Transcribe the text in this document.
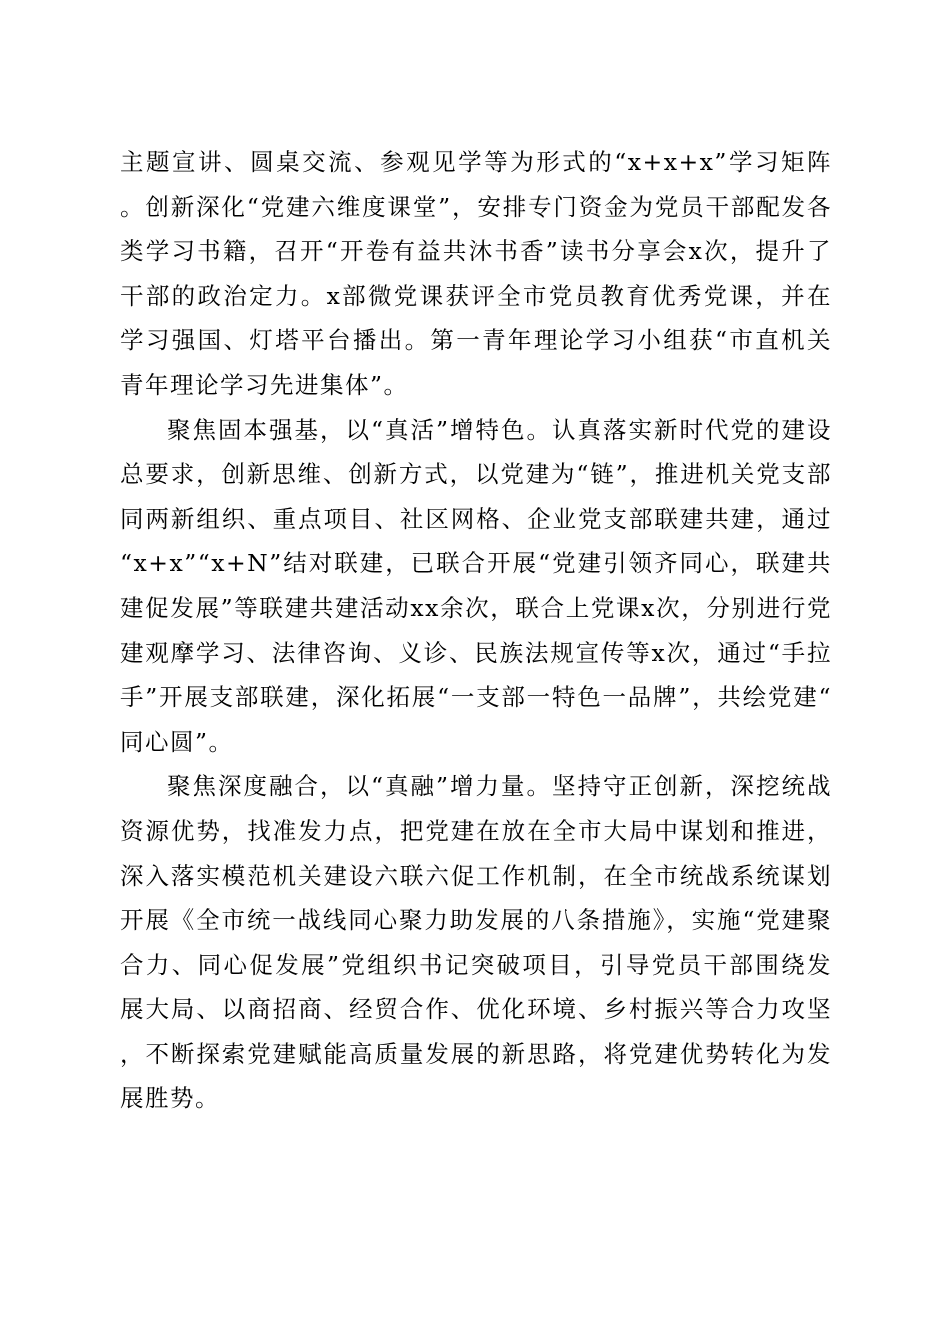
主题宣讲、圆桌交流、参观见学等为形式的“x+x+x”学习矩阵。创新深化“党建六维度课堂”，安排专门资金为党员干部配发各类学习书籍，召开“开卷有益共沐书香”读书分享会x次，提升了干部的政治定力。x部微党课获评全市党员教育优秀党课，并在学习强国、灯塔平台播出。第一青年理论学习小组获“市直机关青年理论学习先进集体”。

聚焦固本强基，以“真活”增特色。认真落实新时代党的建设总要求，创新思维、创新方式，以党建为“链”，推进机关党支部同两新组织、重点项目、社区网格、企业党支部联建共建，通过“x+x”“x+N”结对联建，已联合开展“党建引领齐同心，联建共建促发展”等联建共建活动xx余次，联合上党课x次，分别进行党建观摩学习、法律咨询、义诊、民族法规宣传等x次，通过“手拉手”开展支部联建，深化拓展“一支部一特色一品牌”，共绘党建“同心圆”。

聚焦深度融合，以“真融”增力量。坚持守正创新，深挖统战资源优势，找准发力点，把党建在放在全市大局中谋划和推进，深入落实模范机关建设六联六促工作机制，在全市统战系统谋划开展《全市统一战线同心聚力助发展的八条措施》，实施“党建聚合力、同心促发展”党组织书记突破项目，引导党员干部围绕发展大局、以商招商、经贸合作、优化环境、乡村振兴等合力攻坚，不断探索党建赋能高质量发展的新思路，将党建优势转化为发展胜势。
